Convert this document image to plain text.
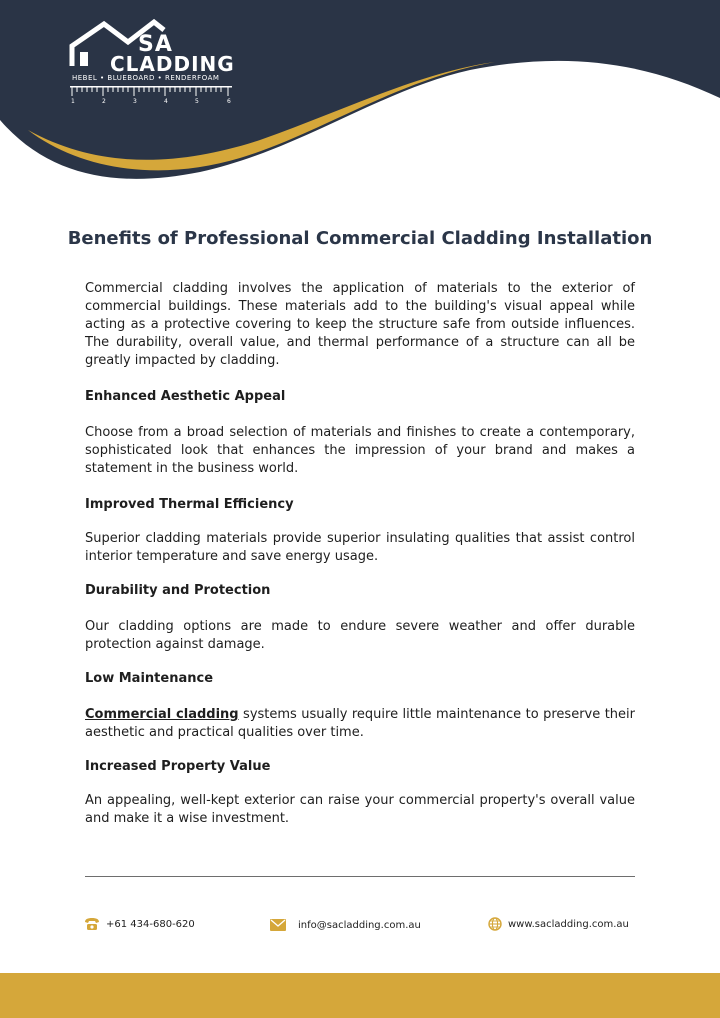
SA
CLADDING
HEBEL • BLUEBOARD • RENDERFOAM
1	2	3	4	5	6
Benefits of Professional Commercial Cladding Installation

Commercial cladding involves the application of materials to the exterior of commercial buildings. These materials add to the building's visual appeal while acting as a protective covering to keep the structure safe from outside influences. The durability, overall value, and thermal performance of a structure can all be greatly impacted by cladding.

Enhanced Aesthetic Appeal

Choose from a broad selection of materials and finishes to create a contemporary, sophisticated look that enhances the impression of your brand and makes a statement in the business world.

Improved Thermal Efficiency

Superior cladding materials provide superior insulating qualities that assist control interior temperature and save energy usage.

Durability and Protection

Our cladding options are made to endure severe weather and offer durable protection against damage.

Low Maintenance

Commercial cladding systems usually require little maintenance to preserve their aesthetic and practical qualities over time.

Increased Property Value

An appealing, well-kept exterior can raise your commercial property's overall value and make it a wise investment.

+61 434-680-620	info@sacladding.com.au	www.sacladding.com.au
